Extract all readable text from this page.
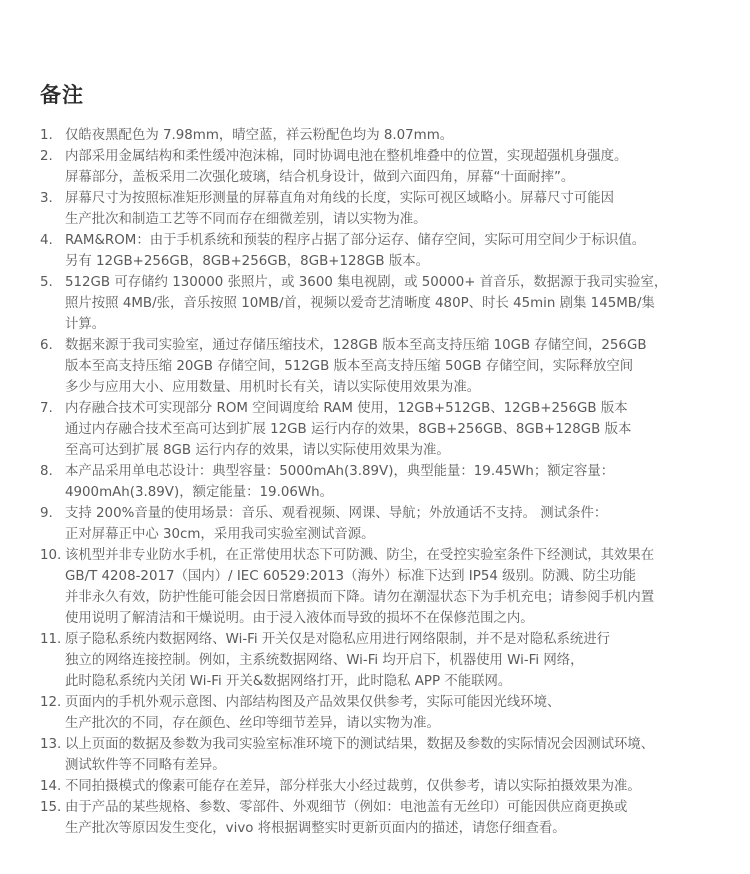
备注
1. 仅皓夜黑配色为 7.98mm，晴空蓝，祥云粉配色均为 8.07mm。
2. 内部采用金属结构和柔性缓冲泡沫棉，同时协调电池在整机堆叠中的位置，实现超强机身强度。
屏幕部分，盖板采用二次强化玻璃，结合机身设计，做到六面四角，屏幕“十面耐摔”。
3. 屏幕尺寸为按照标准矩形测量的屏幕直角对角线的长度，实际可视区域略小。屏幕尺寸可能因
生产批次和制造工艺等不同而存在细微差别，请以实物为准。
4. RAM&ROM：由于手机系统和预装的程序占据了部分运存、储存空间，实际可用空间少于标识值。
另有 12GB+256GB，8GB+256GB，8GB+128GB 版本。
5. 512GB 可存储约 130000 张照片，或 3600 集电视剧，或 50000+ 首音乐，数据源于我司实验室，
照片按照 4MB/张，音乐按照 10MB/首，视频以爱奇艺清晰度 480P、时长 45min 剧集 145MB/集
计算。
6. 数据来源于我司实验室，通过存储压缩技术，128GB 版本至高支持压缩 10GB 存储空间，256GB
版本至高支持压缩 20GB 存储空间，512GB 版本至高支持压缩 50GB 存储空间，实际释放空间
多少与应用大小、应用数量、用机时长有关，请以实际使用效果为准。
7. 内存融合技术可实现部分 ROM 空间调度给 RAM 使用，12GB+512GB、12GB+256GB 版本
通过内存融合技术至高可达到扩展 12GB 运行内存的效果，8GB+256GB、8GB+128GB 版本
至高可达到扩展 8GB 运行内存的效果，请以实际使用效果为准。
8. 本产品采用单电芯设计：典型容量：5000mAh(3.89V)，典型能量：19.45Wh；额定容量：
4900mAh(3.89V)，额定能量：19.06Wh。
9. 支持 200%音量的使用场景：音乐、观看视频、网课、导航；外放通话不支持。 测试条件：
正对屏幕正中心 30cm，采用我司实验室测试音源。
10. 该机型并非专业防水手机，在正常使用状态下可防溅、防尘，在受控实验室条件下经测试，其效果在
GB/T 4208-2017（国内）/ IEC 60529:2013（海外）标准下达到 IP54 级别。防溅、防尘功能
并非永久有效，防护性能可能会因日常磨损而下降。请勿在潮湿状态下为手机充电；请参阅手机内置
使用说明了解清洁和干燥说明。由于浸入液体而导致的损坏不在保修范围之内。
11. 原子隐私系统内数据网络、Wi-Fi 开关仅是对隐私应用进行网络限制，并不是对隐私系统进行
独立的网络连接控制。例如，主系统数据网络、Wi-Fi 均开启下，机器使用 Wi-Fi 网络，
此时隐私系统内关闭 Wi-Fi 开关&数据网络打开，此时隐私 APP 不能联网。
12. 页面内的手机外观示意图、内部结构图及产品效果仅供参考，实际可能因光线环境、
生产批次的不同，存在颜色、丝印等细节差异，请以实物为准。
13. 以上页面的数据及参数为我司实验室标准环境下的测试结果，数据及参数的实际情况会因测试环境、
测试软件等不同略有差异。
14. 不同拍摄模式的像素可能存在差异，部分样张大小经过裁剪，仅供参考，请以实际拍摄效果为准。
15. 由于产品的某些规格、参数、零部件、外观细节（例如：电池盖有无丝印）可能因供应商更换或
生产批次等原因发生变化，vivo 将根据调整实时更新页面内的描述，请您仔细查看。
